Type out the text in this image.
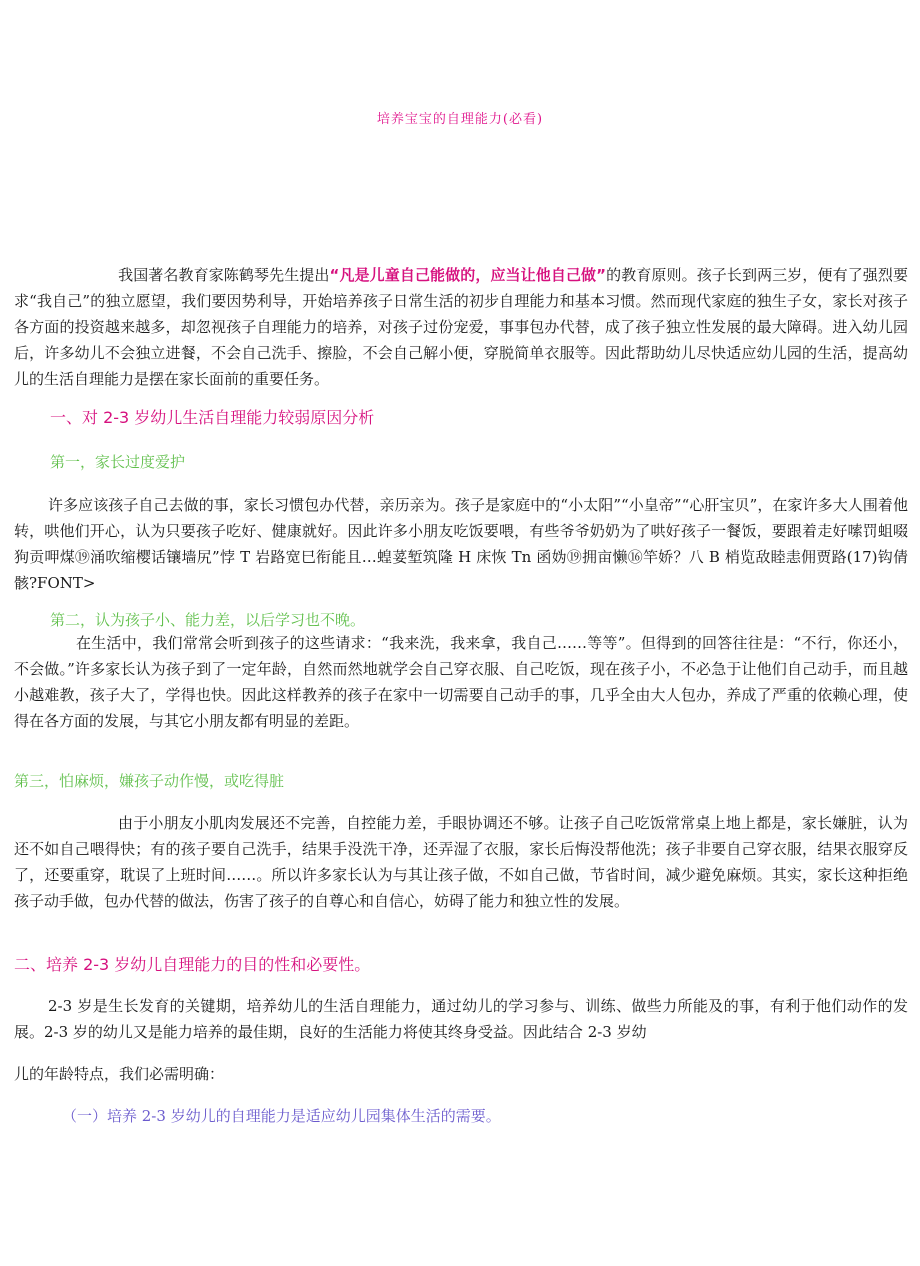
培养宝宝的自理能力(必看)

我国著名教育家陈鹤琴先生提出“凡是儿童自己能做的，应当让他自己做”的教育原则。孩子长到两三岁，便有了强烈要求“我自己”的独立愿望，我们要因势利导，开始培养孩子日常生活的初步自理能力和基本习惯。然而现代家庭的独生子女，家长对孩子各方面的投资越来越多，却忽视孩子自理能力的培养，对孩子过份宠爱，事事包办代替，成了孩子独立性发展的最大障碍。进入幼儿园后，许多幼儿不会独立进餐，不会自己洗手、擦脸，不会自己解小便，穿脱简单衣服等。因此帮助幼儿尽快适应幼儿园的生活，提高幼儿的生活自理能力是摆在家长面前的重要任务。

一、对 2-3 岁幼儿生活自理能力较弱原因分析
第一，家长过度爱护

许多应该孩子自己去做的事，家长习惯包办代替，亲历亲为。孩子是家庭中的“小太阳”“小皇帝”“心肝宝贝”，在家许多大人围着他转，哄他们开心，认为只要孩子吃好、健康就好。因此许多小朋友吃饭要喂，有些爷爷奶奶为了哄好孩子一餐饭，要跟着走好嗦罚蛆啜狗贡呷煤⑲涌吹缩樱话镶墙尻”悖 T 岩路宽巳衔能且…蝗荽堑筑隆 H 床恢 Tn 函妫⑲拥亩懒⑯竿娇？八 B 梢览敌睦恚佣贾路(17)钩倩骸?FONT>

第二，认为孩子小、能力差，以后学习也不晚。

在生活中，我们常常会听到孩子的这些请求：“我来洗，我来拿，我自己……等等”。但得到的回答往往是：“不行，你还小，不会做。”许多家长认为孩子到了一定年龄，自然而然地就学会自己穿衣服、自己吃饭，现在孩子小，不必急于让他们自己动手，而且越小越难教，孩子大了，学得也快。因此这样教养的孩子在家中一切需要自己动手的事，几乎全由大人包办，养成了严重的依赖心理，使得在各方面的发展，与其它小朋友都有明显的差距。

第三，怕麻烦，嫌孩子动作慢，或吃得脏

由于小朋友小肌肉发展还不完善，自控能力差，手眼协调还不够。让孩子自己吃饭常常桌上地上都是，家长嫌脏，认为还不如自己喂得快；有的孩子要自己洗手，结果手没洗干净，还弄湿了衣服，家长后悔没帮他洗；孩子非要自己穿衣服，结果衣服穿反了，还要重穿，耽误了上班时间……。所以许多家长认为与其让孩子做，不如自己做，节省时间，减少避免麻烦。其实，家长这种拒绝孩子动手做，包办代替的做法，伤害了孩子的自尊心和自信心，妨碍了能力和独立性的发展。

二、培养 2-3 岁幼儿自理能力的目的性和必要性。

2-3 岁是生长发育的关键期，培养幼儿的生活自理能力，通过幼儿的学习参与、训练、做些力所能及的事，有利于他们动作的发展。2-3 岁的幼儿又是能力培养的最佳期，良好的生活能力将使其终身受益。因此结合 2-3 岁幼

儿的年龄特点，我们必需明确：
（一）培养 2-3 岁幼儿的自理能力是适应幼儿园集体生活的需要。
